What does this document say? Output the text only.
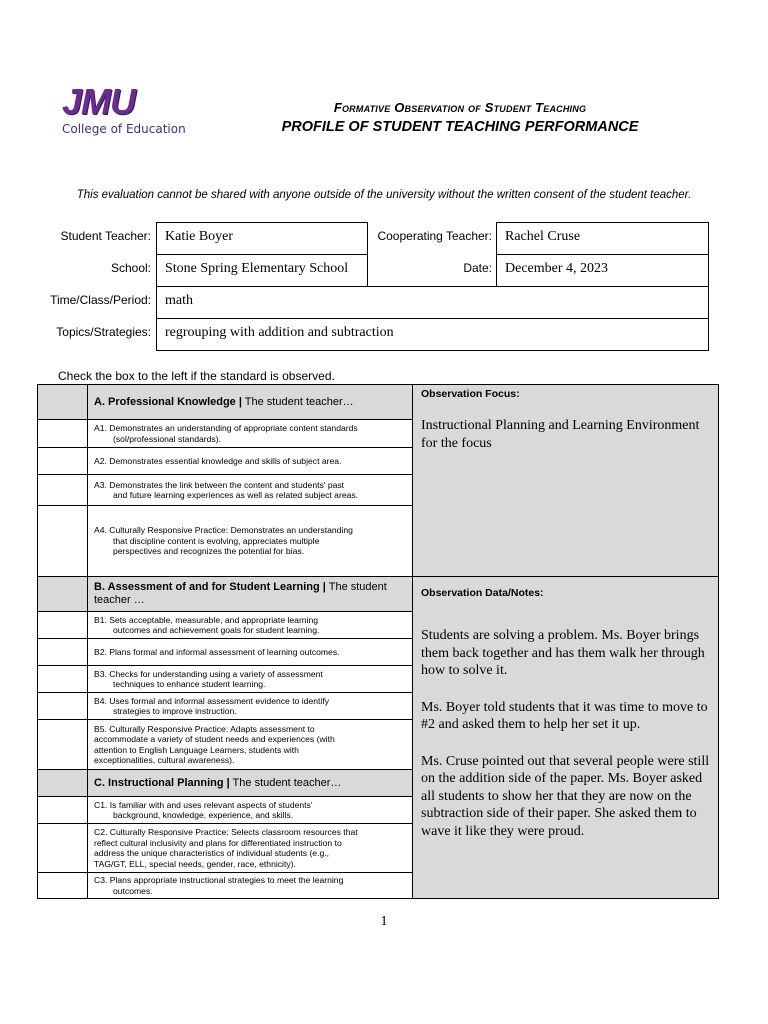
JMU
College of Education
Formative Observation of Student Teaching
PROFILE OF STUDENT TEACHING PERFORMANCE
This evaluation cannot be shared with anyone outside of the university without the written consent of the student teacher.
Student Teacher:	Katie Boyer	Cooperating Teacher: Rachel Cruse
School:	Stone Spring Elementary School	Date: December 4, 2023
Time/Class/Period:	math
Topics/Strategies:	regrouping with addition and subtraction
Check the box to the left if the standard is observed.
	A. Professional Knowledge | The student teacher…	Observation Focus:
Instructional Planning and Learning Environment for the focus

	A1. Demonstrates an understanding of appropriate content standards
(sol/professional standards).	

	A2. Demonstrates essential knowledge and skills of subject area.	
	A3. Demonstrates the link between the content and students' past
and future learning experiences as well as related subject areas.	

	A4. Culturally Responsive Practice: Demonstrates an understanding
that discipline content is evolving, appreciates multiple
perspectives and recognizes the potential for bias.	

	B. Assessment of and for Student Learning | The student teacher …	Observation Data/Notes:
Students are solving a problem. Ms. Boyer brings them back together and has them walk her through how to solve it.
Ms. Boyer told students that it was time to move to #2 and asked them to help her set it up.
Ms. Cruse pointed out that several people were still on the addition side of the paper. Ms. Boyer asked all students to show her that they are now on the subtraction side of their paper. She asked them to wave it like they were proud.

	B1. Sets acceptable, measurable, and appropriate learning
outcomes and achievement goals for student learning.	

	B2. Plans formal and informal assessment of learning outcomes.	
	B3. Checks for understanding using a variety of assessment
techniques to enhance student learning.	

	B4. Uses formal and informal assessment evidence to identify
strategies to improve instruction.	

	B5. Culturally Responsive Practice: Adapts assessment to
accommodate a variety of student needs and experiences (with
attention to English Language Learners, students with
exceptionalities, cultural awareness).	
	C. Instructional Planning | The student teacher…	
	C1. Is familiar with and uses relevant aspects of students'
background, knowledge, experience, and skills.	

	C2. Culturally Responsive Practice: Selects classroom resources that
reflect cultural inclusivity and plans for differentiated instruction to
address the unique characteristics of individual students (e.g.,
TAG/GT, ELL, special needs, gender, race, ethnicity).	
	C3. Plans appropriate instructional strategies to meet the learning
outcomes.	
1
